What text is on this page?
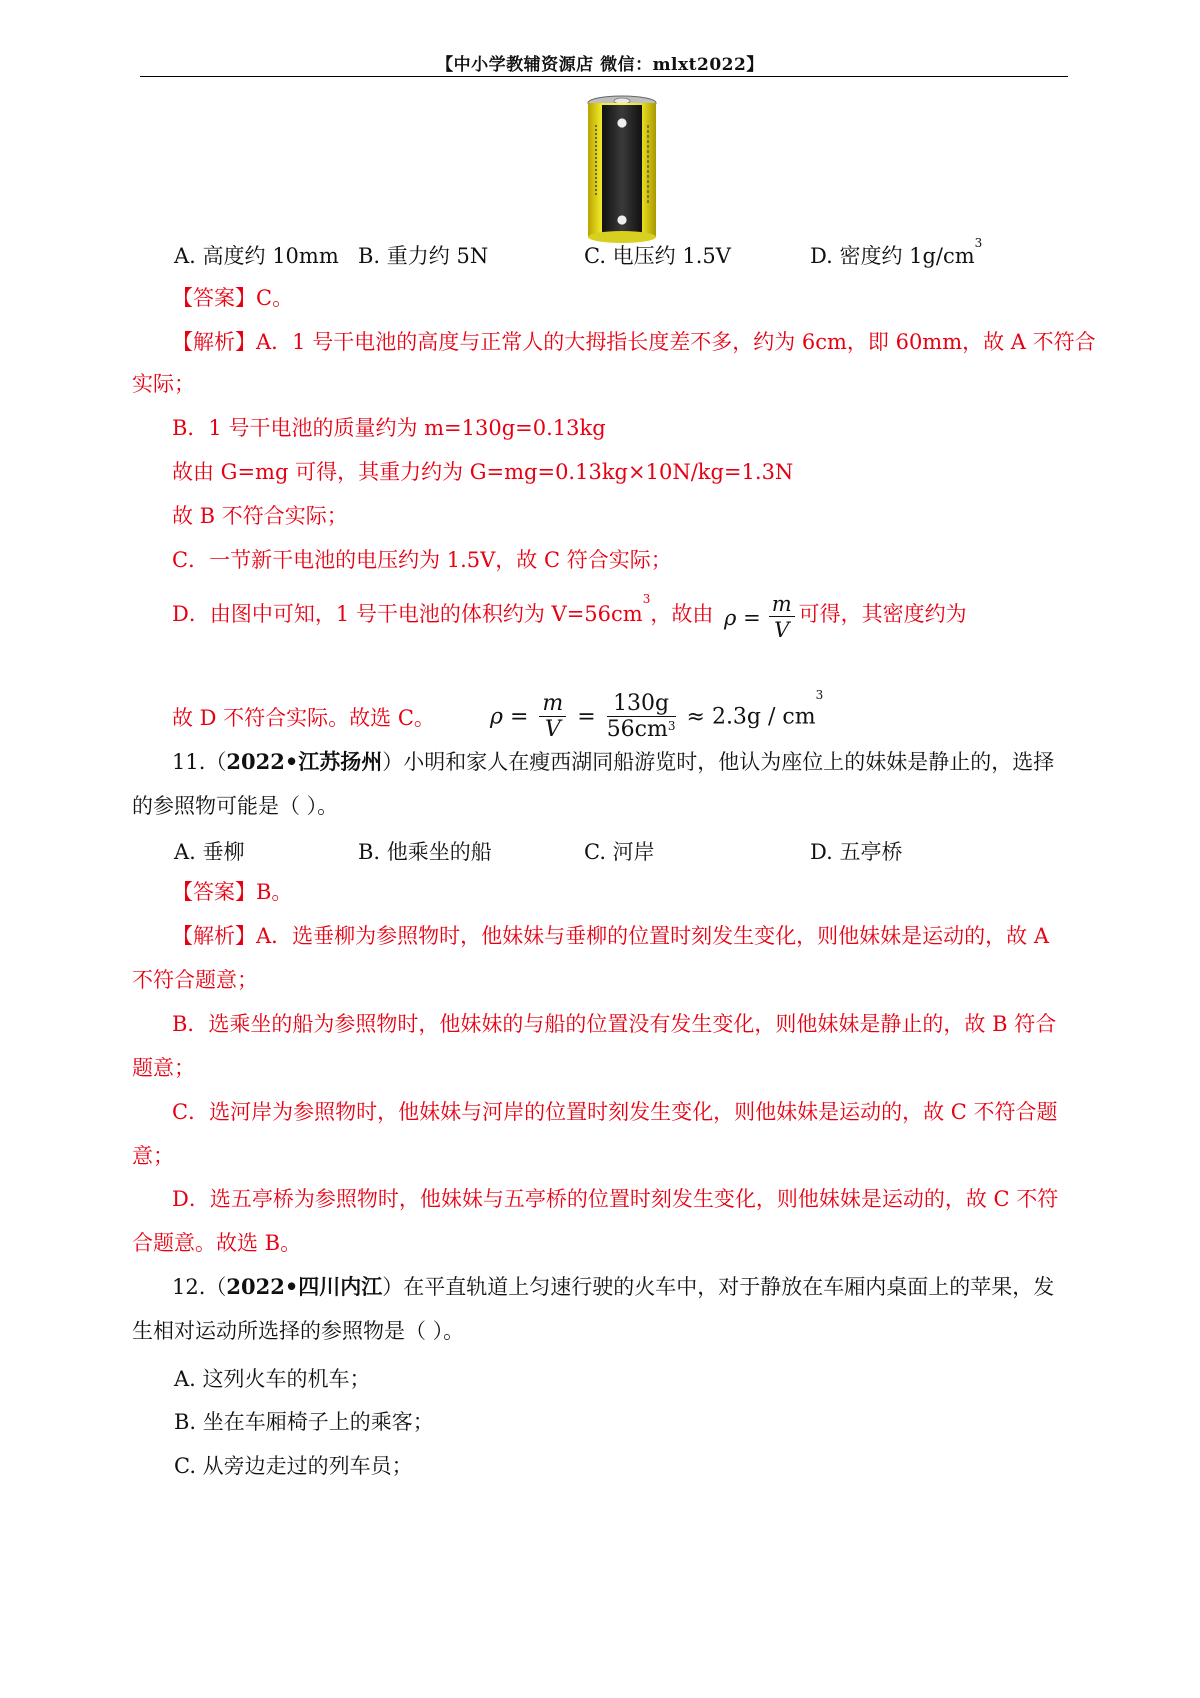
【中小学教辅资源店 微信：mlxt2022】
A. 高度约 10mm B. 重力约 5N	C. 电压约 1.5V	D. 密度约 $1g/cm^3$
【答案】C。
【解析】A．1 号干电池的高度与正常人的大拇指长度差不多，约为 6cm，即 60mm，故 A 不符合
实际；
B．1 号干电池的质量约为 m=130g=0.13kg
故由 G=mg 可得，其重力约为 G=mg=0.13kg×10N/kg=1.3N
故 B 不符合实际；
C．一节新干电池的电压约为 1.5V，故 C 符合实际；
D．由图中可知，1 号干电池的体积约为 $V=56cm^3$，故由 $\rho = \frac{m}{V}$ 可得，其密度约为
$\rho = \frac{m}{V} = \frac{130g}{56cm^3} \approx 2.3g / cm^3$
故 D 不符合实际。故选 C。
11.（2022•江苏扬州）小明和家人在瘦西湖同船游览时，他认为座位上的妹妹是静止的，选择
的参照物可能是（ ）。
A. 垂柳	B. 他乘坐的船	C. 河岸	D. 五亭桥
【答案】B。
【解析】A．选垂柳为参照物时，他妹妹与垂柳的位置时刻发生变化，则他妹妹是运动的，故 A
不符合题意；
B．选乘坐的船为参照物时，他妹妹的与船的位置没有发生变化，则他妹妹是静止的，故 B 符合
题意；
C．选河岸为参照物时，他妹妹与河岸的位置时刻发生变化，则他妹妹是运动的，故 C 不符合题
意；
D．选五亭桥为参照物时，他妹妹与五亭桥的位置时刻发生变化，则他妹妹是运动的，故 C 不符
合题意。故选 B。
12.（2022•四川内江）在平直轨道上匀速行驶的火车中，对于静放在车厢内桌面上的苹果，发
生相对运动所选择的参照物是（ ）。
A. 这列火车的机车；
B. 坐在车厢椅子上的乘客；
C. 从旁边走过的列车员；
